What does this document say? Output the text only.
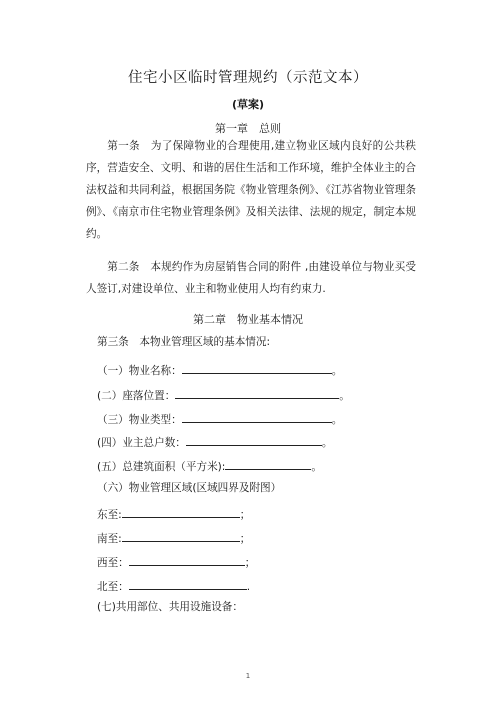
住宅小区临时管理规约（示范文本）
(草案)
第一章　总则
第一条　为了保障物业的合理使用,建立物业区域内良好的公共秩序，营造安全、文明、和谐的居住生活和工作环境，维护全体业主的合法权益和共同利益，根据国务院《物业管理条例》、《江苏省物业管理条例》、《南京市住宅物业管理条例》及相关法律、法规的规定，制定本规约。
第二条　本规约作为房屋销售合同的附件 ,由建设单位与物业买受人签订,对建设单位、业主和物业使用人均有约束力.
第二章　物业基本情况
第三条　本物业管理区域的基本情况:
（一）物业名称：	。
(二）座落位置：	。
（三）物业类型：	。
(四）业主总户数：	。
(五）总建筑面积（平方米):	。
（六）物业管理区域(区域四界及附图）
东至:	；
南至:	；
西至：	；
北至：	.
(七)共用部位、共用设施设备：
1
